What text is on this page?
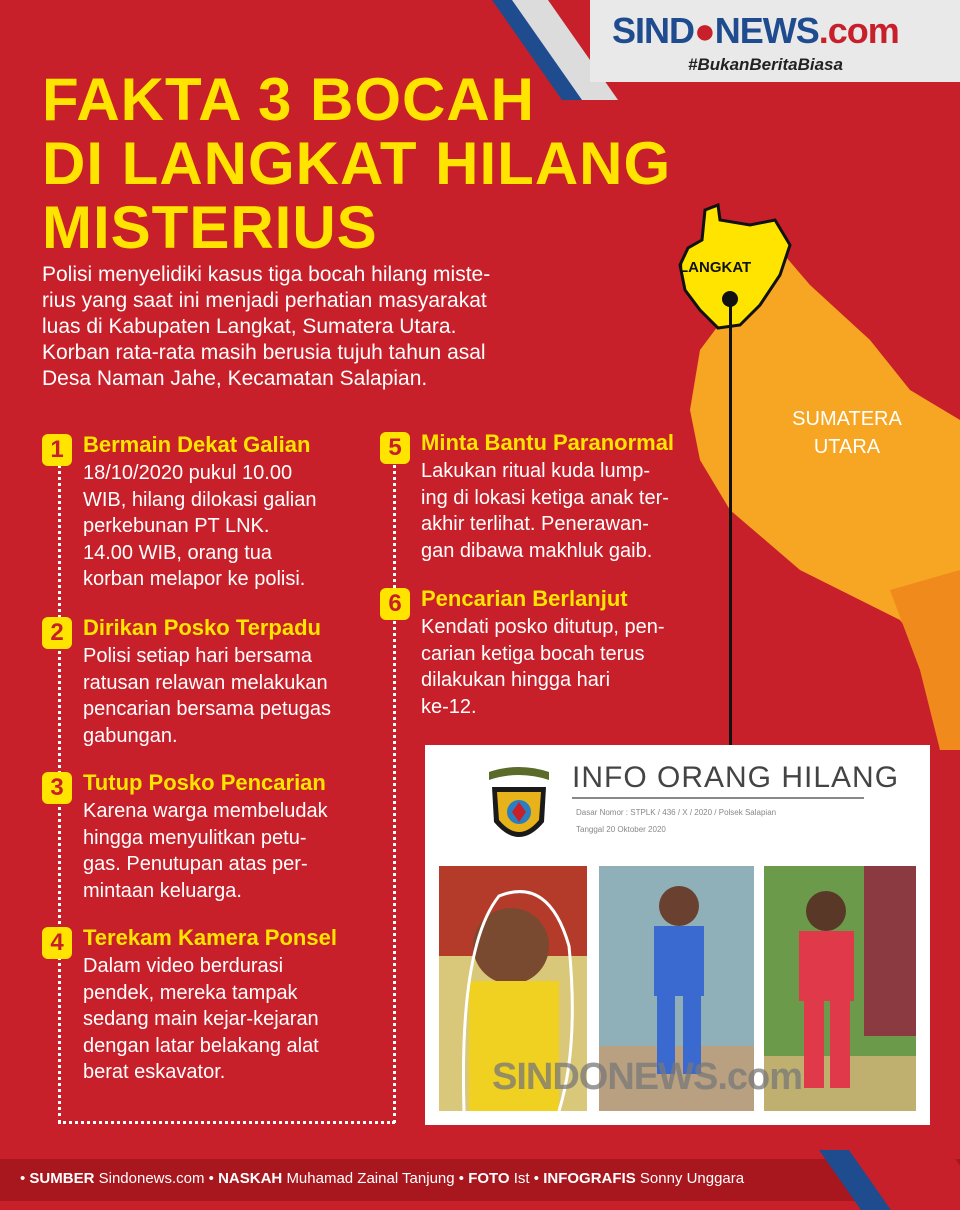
SIND●NEWS.com
#BukanBeritaBiasa
FAKTA 3 BOCAH
DI LANGKAT HILANG
MISTERIUS

Polisi menyelidiki kasus tiga bocah hilang miste-
rius yang saat ini menjadi perhatian masyarakat
luas di Kabupaten Langkat, Sumatera Utara.
Korban rata-rata masih berusia tujuh tahun asal
Desa Naman Jahe, Kecamatan Salapian.

LANGKAT
SUMATERA
UTARA
1 Bermain Dekat Galian
18/10/2020 pukul 10.00
WIB, hilang dilokasi galian
perkebunan PT LNK.
14.00 WIB, orang tua
korban melapor ke polisi.
2 Dirikan Posko Terpadu
Polisi setiap hari bersama
ratusan relawan melakukan
pencarian bersama petugas
gabungan.
3 Tutup Posko Pencarian
Karena warga membeludak
hingga menyulitkan petu-
gas. Penutupan atas per-
mintaan keluarga.
4 Terekam Kamera Ponsel
Dalam video berdurasi
pendek, mereka tampak
sedang main kejar-kejaran
dengan latar belakang alat
berat eskavator.
5 Minta Bantu Paranormal
Lakukan ritual kuda lump-
ing di lokasi ketiga anak ter-
akhir terlihat. Penerawan-
gan dibawa makhluk gaib.
6 Pencarian Berlanjut
Kendati posko ditutup, pen-
carian ketiga bocah terus
dilakukan hingga hari
ke-12.
INFO ORANG HILANG
Dasar Nomor : STPLK / 436 / X / 2020 / Polsek Salapian
Tanggal 20 Oktober 2020
SINDONEWS.com
• SUMBER Sindonews.com • NASKAH Muhamad Zainal Tanjung • FOTO Ist • INFOGRAFIS Sonny Unggara
